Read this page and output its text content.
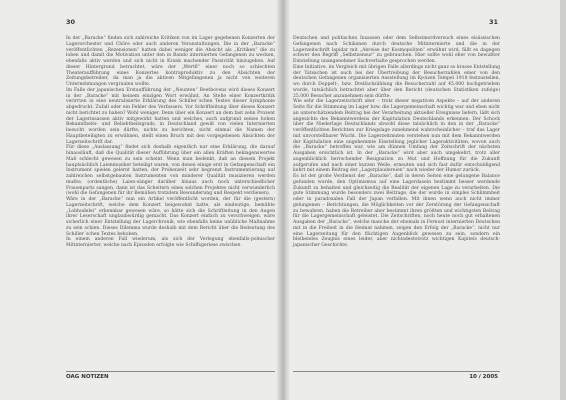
30

In der „Baracke“ finden sich zahlreiche Kritiken von im Lager gegebenen Konzerten der Lagerorchester und Chöre oder auch anderen Veranstaltungen. Die in der „Baracke“ veröffentlichten „Rezensionen“ hatten dabei weniger die Absicht als „Kritiken“ die zu loben und damit die Motivation unter den in Bando internierten Gefangenen zu wecken, ebenfalls aktiv werden und sich nicht in Krank machender Passivität hinzugeben. Auf dieser Hintergrund betrachtet, wäre der „Wertfl“ einer noch so schlechten Theateraufführung eines Konzertes kontraproduktiv zu den Absichten der Zeitungsbetreiber, da man ja die aktiven Mitgefangenen ja nicht von weiteren Unternehmungen vergraulen wollte.

Im Falle der japanischen Erstaufführung der „Neunten“ Beethovens wird dieses Konzert in der „Baracke“ mit keinem einzigen Wort erwähnt. An Stelle einer Konzertkritik verirrten in eine neutralisierte Erklärung des Schiller´schen Textes dieser Symphonie abgedruckt. Zufall oder ein Fehler des Verfassers. Vor Schriftleitung über dieses Konzert nicht berichtet zu haben? Wohl weniger. Denn über ein Konzert an dem fast zehn Prozent der Lagerinsassen aktiv mitgewirkt hatten und welches, auch aufgrund seines hohen Bekanntheits- und Beliebtheitsgrads, in Deutschland gewiß von vielen Internierten besucht worden sein dürfte, nichts zu berichten, nicht einmal die Namen der Hauptbeteiligten zu erwähnen, stellt einen Bruch mit den vorgegebenen Absichten der Lagerzeitschrift dar.

Für diese „Auslassung“ findet sich deshalb eigentlich nur eine Erklärung, die darauf hinausläuft, daß die Qualität dieser Aufführung über ein allen Kräften beklagenswertes Maß schlecht gewesen zu sein scheint. Wenn man bedenkt, daß an diesem Projekt hauptsächlich Laienmusiker beteiligt waren, von denen einige erst in Gefangenschaft ein Instrument spielen gelernt hatten, der Probenzeit sehr begrenzt Instrumentierung auf zahlreichen selbstgebauten Instrumenten von minderer Qualität musizieren werden mußte, (ordentliche) Laien-sänger darüber hinaus auch noch unterschiedlicher Frauenparts sangen, dann ist das Scheitern eines solchen Projektes nicht verwunderlich (wohl die Gefangenen für ihr Bemühen trotzdem Bewunderung und Respekt verdienen).

Wäre in der „Baracke“ nun ein Artikel veröffentlicht worden, der für die (gestern) Lagerzeitschrift, welche dem Konzert beigewohnt hatte, als eindeutige, bemühte „Lobhudelei“ erkennbar gewesen wäre, so hätte sich die Schriftleitung in den Augen ihrer Leserschaft unglaubwürdig gemacht. Das Konzert einfach zu verschweigen, wäre sicherlich einer Entstellung der Lagerchronik, wie ebenfalls keine unübliche Maßnahme zu sein schien. Dieses Dilemma wurde deshalb mit dem Bericht über die Bedeutung des Schiller´schen Textes behoben.

In einem anderen Fall wiederum, als sich der Verlegung ebenfalls-polnischer Mitinternierter, welche nach Episoden erfolgte wie Schiffsgeriese zwischen

OAG NOTIZEN
31

Deutschen und politischen Insassen oder dem Selbstmordversuch eines elsässischen Gefangenen nach Schikanen durch deutsche Mitinternierte und die in der Lagerzeitschrift lapidar mit „Abreise der Kosmopoliten“ erwähnt wird, fällt es dagegen schwer den Begriff „Selbstzensur“ zu gebrauchen. Hier sollte wohl eher von bewußter Entstellung unangenehmer Sachverhalte gesprochen werden.

Eine Initiative, im Vergleich mit übrigen Falle allerdings nicht ganz so krasse Entstellung der Tatsachen ist auch bei der Übertreibung der Besucherzahlen einer von den deutschen Gefangenen organisierten Ausstellung im Kyoizen Tempel 1918 festzustellen, wo durch Doppelt-, bzw. Dreifachzählung die Besucherzahl auf 45.000 hochgetrieben wurde, tatsächlich betrachtet aber über den Bericht (deutschen Statistiken zufolge) 25.000 Besucher anzunehmen sein dürfte.

Wie sehr die Lagerzeitschrift aber – trotz dieser negativen Aspekte – auf der anderen Seite für die Stimmung im Lager bzw. die Lagergemeinschaft wichtig war und eben nicht an unterschätzendem Beitrag bei der Verarbeitung aktueller Ereignisse liefern, läßt sich angesichts des Bekanntwerdens der Kapitulation Deutschlands erkennen. Der Schock über die Niederlage Deutschlands obwohl diese tatsächlich in den in der „Baracke“ veröffentlichten Berichten zur Kriegslage zunehmend wahrscheinlicher – traf das Lager mit unvorstellbarer Wucht. Die Lagerzeitmuten verstehen nun mit dem Bekanntwerden der Kapitulation eine ungehemmte Einstellung jeglicher Lageraktivitäten, wovon auch die „Baracke“ betroffen war, wie am dünnen Umfang der Zeitschrift der nächsten Ausgaben ersichtlich ist. In der „Baracke“ wird aber auch umgekehrt, trotz aller augenblicklich herrschender Resignation zu Mut und Hoffnung für die Zukunft aufgerufen und nach einer kurzen Weile, erneuten und sich fast dafür entschuldigend kehrt mit einem Beitrag der „Lagerplaudereien“ nach wieder der Humor zurück.

Es ist der große Verdienst der „Baracke“, daß in deren Seiten eine gelungene Balance gefunden wurde, den Optimismus auf eine Lagerdasein bestimmt besser werdende Zukunft zu behalten und gleichzeitig die Realität der eigenen Lage zu verarbeiten. Die gute Stimmung wurde besonders zwei Beitrage, die der wurde in simples Schlimmheit oder in paradoxalen Fall der Japan verfallen. Mit ihnen wenn auch nicht immer gelungenen – Berichtungen, die Möglichkeiten vor der Zerstörung der Gefangenschaft zu bewahren, haben die Betreiber aber bestimmt ihren größten und wichtigsten Beitrag für die Lagergemeinschaft geleistet. Die Zeitschriften, noch heute noch gut erhaltenen Ausgaben der „Baracke“, welche manche der ehemals in Fernost internierten Deutschen mit in die Freiheit in die Heimat nahmen, zeigen den Erfolg der „Baracke“, nicht nur eine Lagerzeitung für den flüchtigen Augenblick gewesen zu sein, sondern ein bleibendes Zeugnis eines leider, aber nichtsdestotrotz wichtigen Kapitels deutsch-japanischer Geschichte.

10 / 2005
